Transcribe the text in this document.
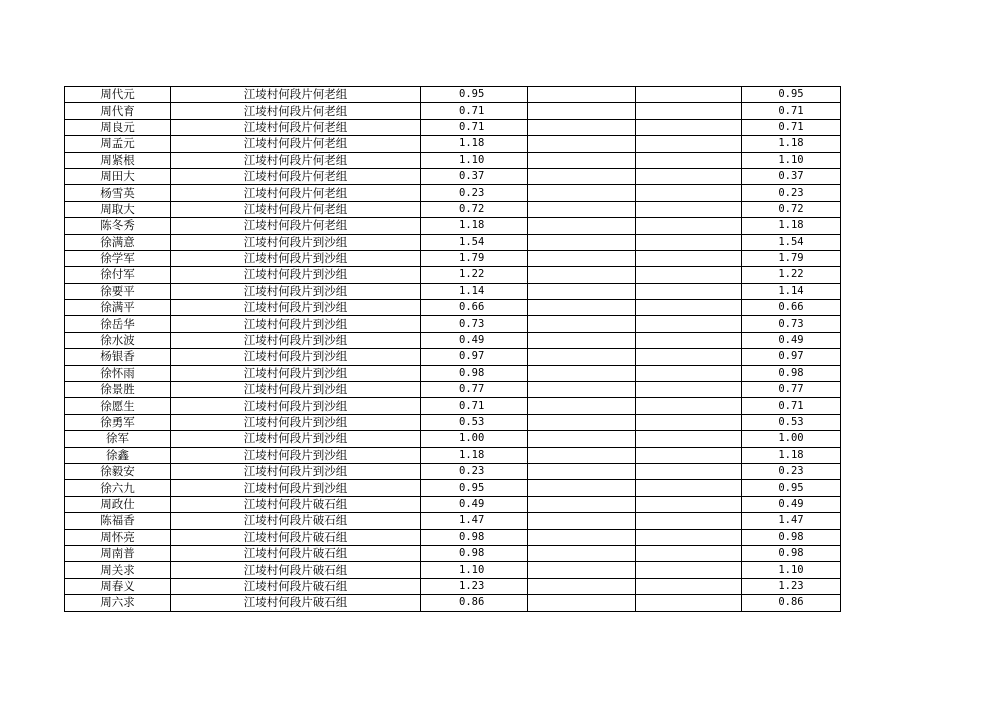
周代元	江堎村何段片何老组	0.95			0.95
周代育	江堎村何段片何老组	0.71			0.71
周良元	江堎村何段片何老组	0.71			0.71
周孟元	江堎村何段片何老组	1.18			1.18
周紧根	江堎村何段片何老组	1.10			1.10
周田大	江堎村何段片何老组	0.37			0.37
杨雪英	江堎村何段片何老组	0.23			0.23
周取大	江堎村何段片何老组	0.72			0.72
陈冬秀	江堎村何段片何老组	1.18			1.18
徐满意	江堎村何段片到沙组	1.54			1.54
徐学军	江堎村何段片到沙组	1.79			1.79
徐付军	江堎村何段片到沙组	1.22			1.22
徐要平	江堎村何段片到沙组	1.14			1.14
徐满平	江堎村何段片到沙组	0.66			0.66
徐岳华	江堎村何段片到沙组	0.73			0.73
徐水波	江堎村何段片到沙组	0.49			0.49
杨银香	江堎村何段片到沙组	0.97			0.97
徐怀雨	江堎村何段片到沙组	0.98			0.98
徐景胜	江堎村何段片到沙组	0.77			0.77
徐愿生	江堎村何段片到沙组	0.71			0.71
徐勇军	江堎村何段片到沙组	0.53			0.53
徐军	江堎村何段片到沙组	1.00			1.00
徐鑫	江堎村何段片到沙组	1.18			1.18
徐毅安	江堎村何段片到沙组	0.23			0.23
徐六九	江堎村何段片到沙组	0.95			0.95
周政仕	江堎村何段片破石组	0.49			0.49
陈福香	江堎村何段片破石组	1.47			1.47
周怀亮	江堎村何段片破石组	0.98			0.98
周南普	江堎村何段片破石组	0.98			0.98
周关求	江堎村何段片破石组	1.10			1.10
周春义	江堎村何段片破石组	1.23			1.23
周六求	江堎村何段片破石组	0.86			0.86
